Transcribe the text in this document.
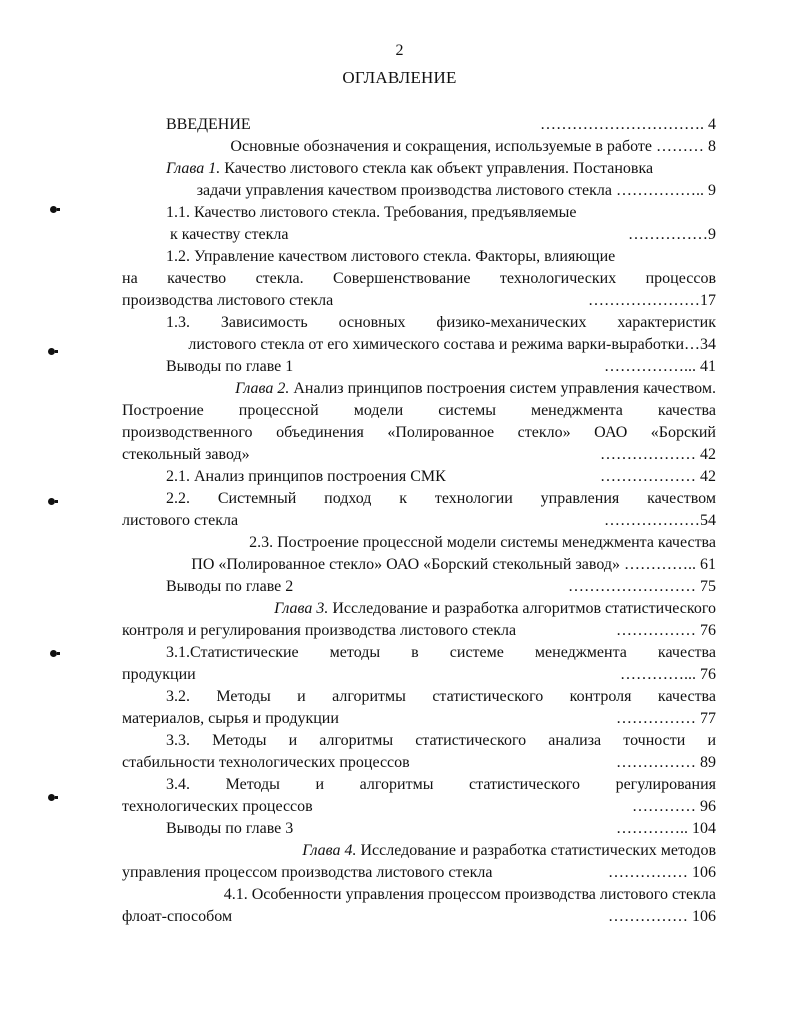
2
ОГЛАВЛЕНИЕ
ВВЕДЕНИЕ	…………………………. 4
Основные обозначения и сокращения, используемые в работе ……… 8
Глава 1. Качество листового стекла как объект управления. Постановка
задачи управления качеством производства листового стекла …………….. 9
1.1. Качество листового стекла. Требования, предъявляемые
к качеству стекла	……………9
1.2. Управление качеством листового стекла. Факторы, влияющие
на качество стекла. Совершенствование технологических процессов
производства листового стекла	…………………17
1.3. Зависимость основных физико-механических характеристик
листового стекла от его химического состава и режима варки-выработки…34
Выводы по главе 1	……………... 41
Глава 2. Анализ принципов построения систем управления качеством.
Построение процессной модели системы менеджмента качества
производственного объединения «Полированное стекло» ОАО «Борский
стекольный завод»	……………… 42
2.1. Анализ принципов построения СМК	……………… 42
2.2. Системный подход к технологии управления качеством
листового стекла	………………54
2.3. Построение процессной модели системы менеджмента качества
ПО «Полированное стекло» ОАО «Борский стекольный завод» ………….. 61
Выводы по главе 2	…………………… 75
Глава 3. Исследование и разработка алгоритмов статистического
контроля и регулирования производства листового стекла	…………… 76
3.1.Статистические методы в системе менеджмента качества
продукции	…………... 76
3.2. Методы и алгоритмы статистического контроля качества
материалов, сырья и продукции	…………… 77
3.3. Методы и алгоритмы статистического анализа точности и
стабильности технологических процессов	…………… 89
3.4. Методы и алгоритмы статистического регулирования
технологических процессов	………… 96
Выводы по главе 3	………….. 104
Глава 4. Исследование и разработка статистических методов
управления процессом производства листового стекла	…………… 106
4.1. Особенности управления процессом производства листового стекла
флоат-способом	…………… 106
